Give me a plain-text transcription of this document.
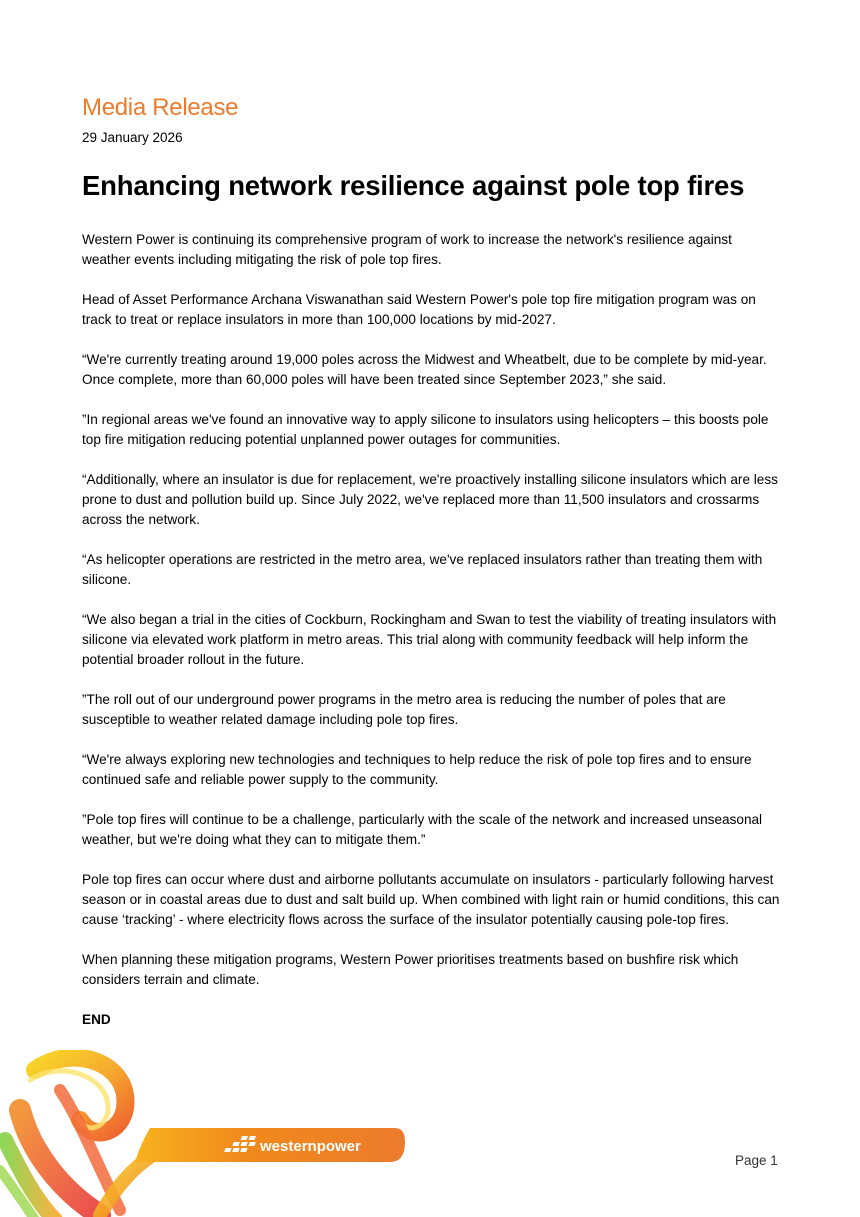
Media Release
29 January 2026
Enhancing network resilience against pole top fires

Western Power is continuing its comprehensive program of work to increase the network's resilience against weather events including mitigating the risk of pole top fires.

Head of Asset Performance Archana Viswanathan said Western Power's pole top fire mitigation program was on track to treat or replace insulators in more than 100,000 locations by mid-2027.

“We're currently treating around 19,000 poles across the Midwest and Wheatbelt, due to be complete by mid-year. Once complete, more than 60,000 poles will have been treated since September 2023,” she said.

”In regional areas we've found an innovative way to apply silicone to insulators using helicopters – this boosts pole top fire mitigation reducing potential unplanned power outages for communities.

“Additionally, where an insulator is due for replacement, we're proactively installing silicone insulators which are less prone to dust and pollution build up. Since July 2022, we've replaced more than 11,500 insulators and crossarms across the network.

“As helicopter operations are restricted in the metro area, we've replaced insulators rather than treating them with silicone.

“We also began a trial in the cities of Cockburn, Rockingham and Swan to test the viability of treating insulators with silicone via elevated work platform in metro areas. This trial along with community feedback will help inform the potential broader rollout in the future.

”The roll out of our underground power programs in the metro area is reducing the number of poles that are susceptible to weather related damage including pole top fires.

“We're always exploring new technologies and techniques to help reduce the risk of pole top fires and to ensure continued safe and reliable power supply to the community.

”Pole top fires will continue to be a challenge, particularly with the scale of the network and increased unseasonal weather, but we're doing what they can to mitigate them.”

Pole top fires can occur where dust and airborne pollutants accumulate on insulators - particularly following harvest season or in coastal areas due to dust and salt build up. When combined with light rain or humid conditions, this can cause ‘tracking’ - where electricity flows across the surface of the insulator potentially causing pole-top fires.

When planning these mitigation programs, Western Power prioritises treatments based on bushfire risk which considers terrain and climate.

END

westernpower
Page 1
